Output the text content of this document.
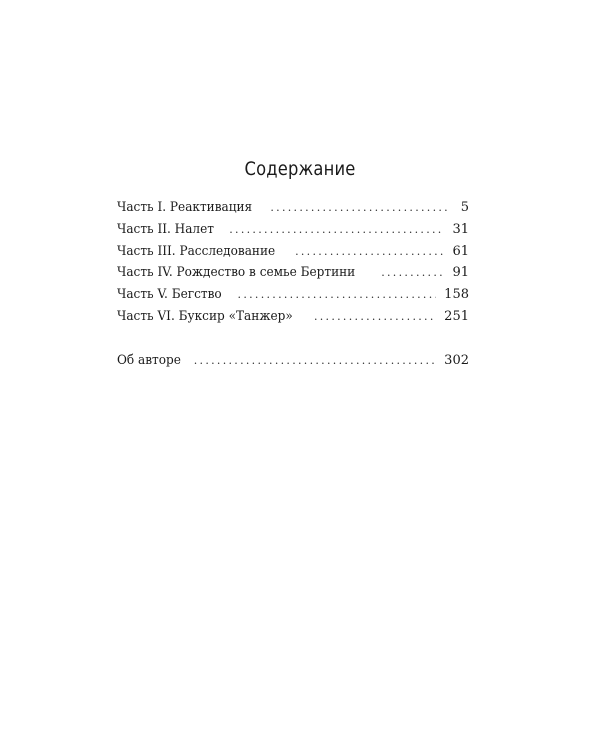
Содержание
Часть I. Реактивация . . .	5
Часть II. Налет . . .	31
Часть III. Расследование . . .	61
Часть IV. Рождество в семье Бертини . . .	91
Часть V. Бегство . . .	158
Часть VI. Буксир «Танжер» . . .	251
Об авторе . . .	302
